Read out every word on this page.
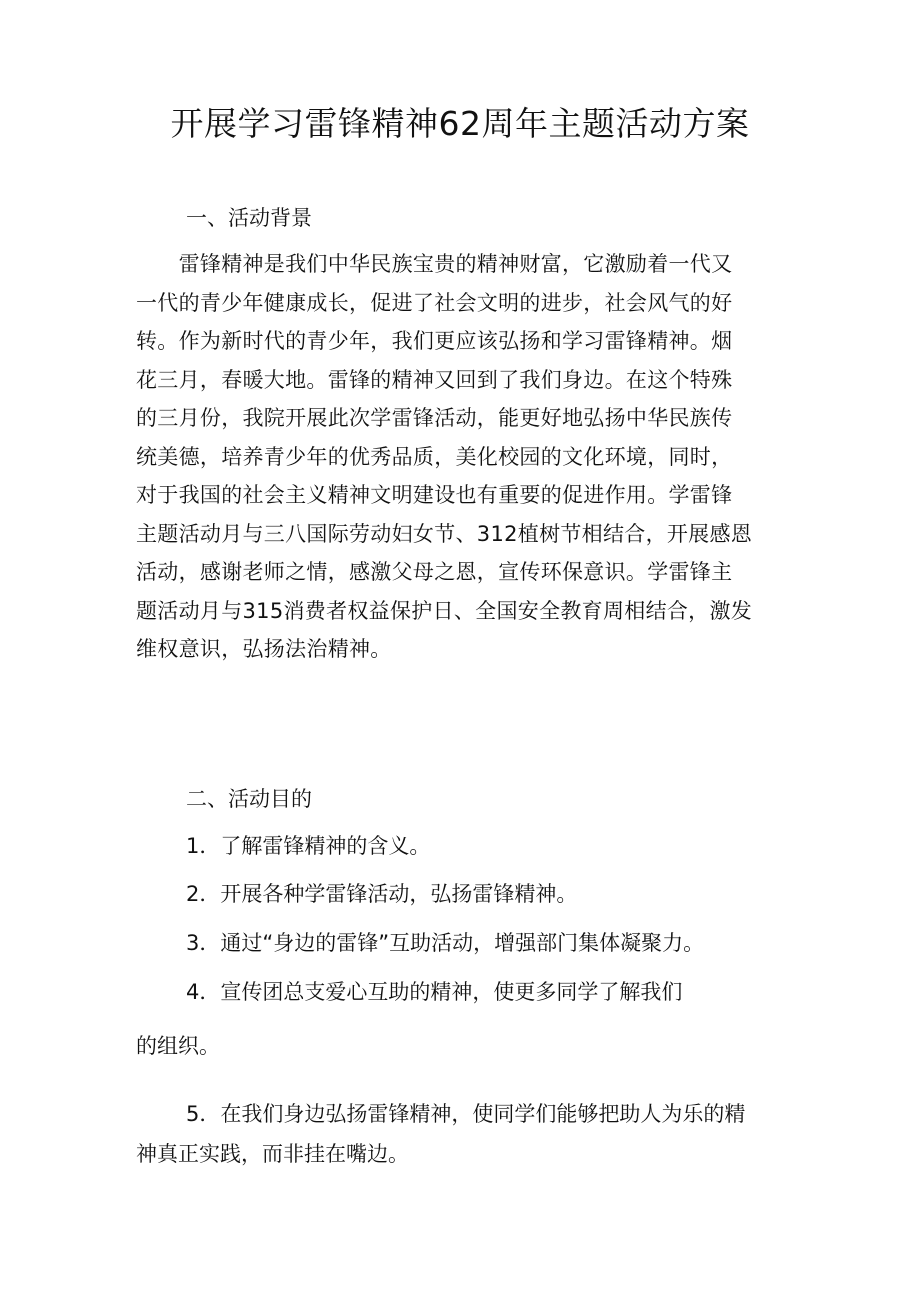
开展学习雷锋精神62周年主题活动方案
一、活动背景
　　雷锋精神是我们中华民族宝贵的精神财富，它激励着一代又
一代的青少年健康成长，促进了社会文明的进步，社会风气的好
转。作为新时代的青少年，我们更应该弘扬和学习雷锋精神。烟
花三月，春暖大地。雷锋的精神又回到了我们身边。在这个特殊
的三月份，我院开展此次学雷锋活动，能更好地弘扬中华民族传
统美德，培养青少年的优秀品质，美化校园的文化环境，同时，
对于我国的社会主义精神文明建设也有重要的促进作用。学雷锋
主题活动月与三八国际劳动妇女节、312植树节相结合，开展感恩
活动，感谢老师之情，感激父母之恩，宣传环保意识。学雷锋主
题活动月与315消费者权益保护日、全国安全教育周相结合，激发
维权意识，弘扬法治精神。
二、活动目的
1．了解雷锋精神的含义。
2．开展各种学雷锋活动，弘扬雷锋精神。
3．通过“身边的雷锋”互助活动，增强部门集体凝聚力。
4．宣传团总支爱心互助的精神，使更多同学了解我们
的组织。
5．在我们身边弘扬雷锋精神，使同学们能够把助人为乐的精
神真正实践，而非挂在嘴边。
